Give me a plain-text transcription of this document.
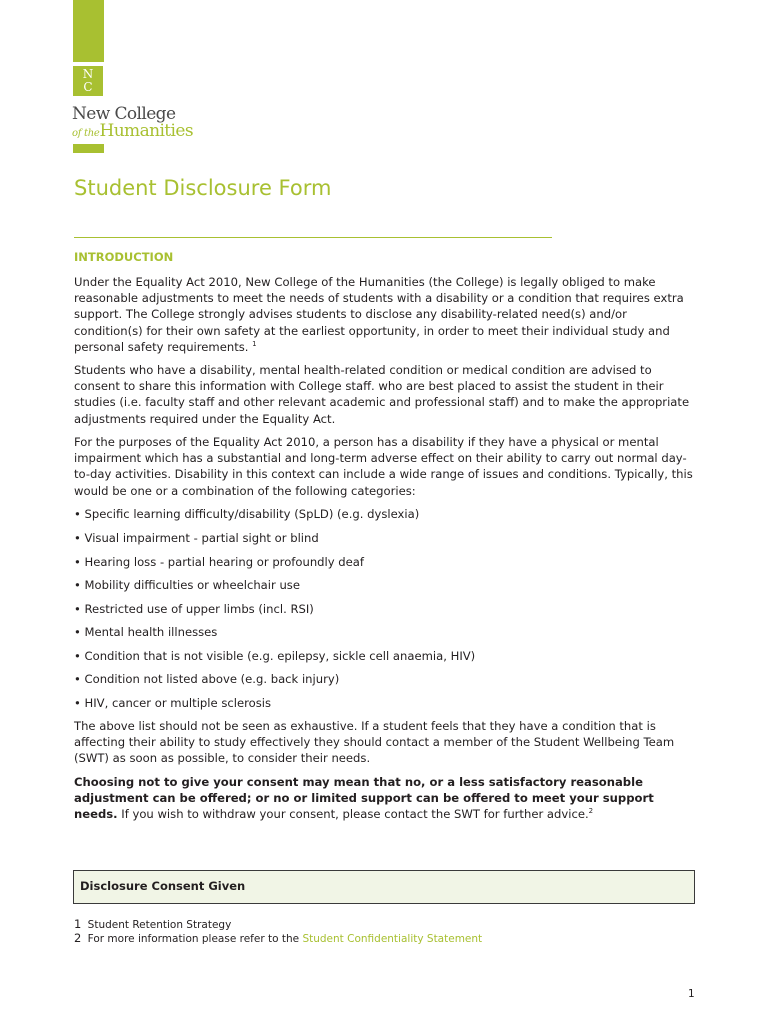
N
C
New College
of theHumanities
Student Disclosure Form
INTRODUCTION
Under the Equality Act 2010, New College of the Humanities (the College) is legally obliged to make reasonable adjustments to meet the needs of students with a disability or a condition that requires extra support. The College strongly advises students to disclose any disability-related need(s) and/or condition(s) for their own safety at the earliest opportunity, in order to meet their individual study and personal safety requirements. $^1$
Students who have a disability, mental health-related condition or medical condition are advised to consent to share this information with College staff. who are best placed to assist the student in their studies (i.e. faculty staff and other relevant academic and professional staff) and to make the appropriate adjustments required under the Equality Act.
For the purposes of the Equality Act 2010, a person has a disability if they have a physical or mental impairment which has a substantial and long-term adverse effect on their ability to carry out normal day-to-day activities. Disability in this context can include a wide range of issues and conditions. Typically, this would be one or a combination of the following categories:
• Specific learning difficulty/disability (SpLD) (e.g. dyslexia)
• Visual impairment - partial sight or blind
• Hearing loss - partial hearing or profoundly deaf
• Mobility difficulties or wheelchair use
• Restricted use of upper limbs (incl. RSI)
• Mental health illnesses
• Condition that is not visible (e.g. epilepsy, sickle cell anaemia, HIV)
• Condition not listed above (e.g. back injury)
• HIV, cancer or multiple sclerosis
The above list should not be seen as exhaustive. If a student feels that they have a condition that is affecting their ability to study effectively they should contact a member of the Student Wellbeing Team (SWT) as soon as possible, to consider their needs.
Choosing not to give your consent may mean that no, or a less satisfactory reasonable adjustment can be offered; or no or limited support can be offered to meet your support needs. If you wish to withdraw your consent, please contact the SWT for further advice.$^2$
Disclosure Consent Given
1 Student Retention Strategy
2 For more information please refer to the Student Confidentiality Statement
1
